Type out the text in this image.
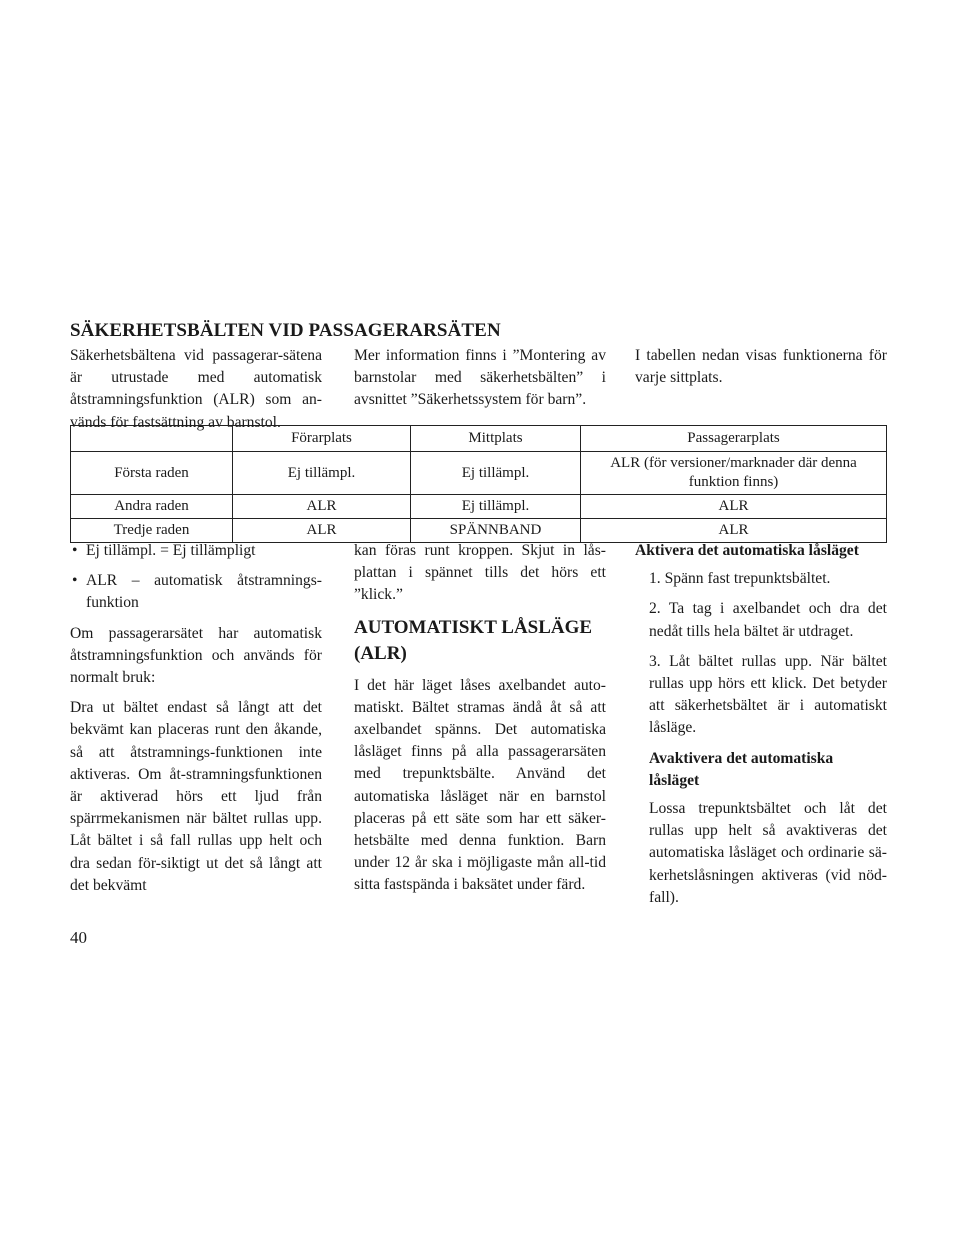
SÄKERHETSBÄLTEN VID PASSAGERARSÄTEN

Säkerhetsbältena vid passagerar-sätena är utrustade med automatisk åtstramningsfunktion (ALR) som an-vänds för fastsättning av barnstol.

Mer information finns i ”Montering av barnstolar med säkerhetsbälten” i avsnittet ”Säkerhetssystem för barn”.

I tabellen nedan visas funktionerna för varje sittplats.

	Förarplats	Mittplats	Passagerarplats
Första raden	Ej tillämpl.	Ej tillämpl.	ALR (för versioner/marknader där denna funktion finns)
Andra raden	ALR	Ej tillämpl.	ALR
Tredje raden	ALR	SPÄNNBAND	ALR
• Ej tillämpl. = Ej tillämpligt
• ALR – automatisk åtstramnings-funktion

Om passagerarsätet har automatisk åtstramningsfunktion och används för normalt bruk:

Dra ut bältet endast så långt att det bekvämt kan placeras runt den åkande, så att åtstramnings-funktionen inte aktiveras. Om åt-stramningsfunktionen är aktiverad hörs ett ljud från spärrmekanismen när bältet rullas upp. Låt bältet i så fall rullas upp helt och dra sedan för-siktigt ut det så långt att det bekvämt

kan föras runt kroppen. Skjut in lås-plattan i spännet tills det hörs ett ”klick.”

AUTOMATISKT LÅSLÄGE (ALR)

I det här läget låses axelbandet auto-matiskt. Bältet stramas ändå åt så att axelbandet spänns. Det automatiska låsläget finns på alla passagerarsäten med trepunktsbälte. Använd det automatiska låsläget när en barnstol placeras på ett säte som har ett säker-hetsbälte med denna funktion. Barn under 12 år ska i möjligaste mån all-tid sitta fastspända i baksätet under färd.

Aktivera det automatiska låsläget
1. Spänn fast trepunktsbältet.
2. Ta tag i axelbandet och dra det nedåt tills hela bältet är utdraget.
3. Låt bältet rullas upp. När bältet rullas upp hörs ett klick. Det betyder att säkerhetsbältet är i automatiskt låsläge.
Avaktivera det automatiska låsläget
Lossa trepunktsbältet och låt det rullas upp helt så avaktiveras det automatiska låsläget och ordinarie sä-kerhetslåsningen aktiveras (vid nöd-fall).
40
